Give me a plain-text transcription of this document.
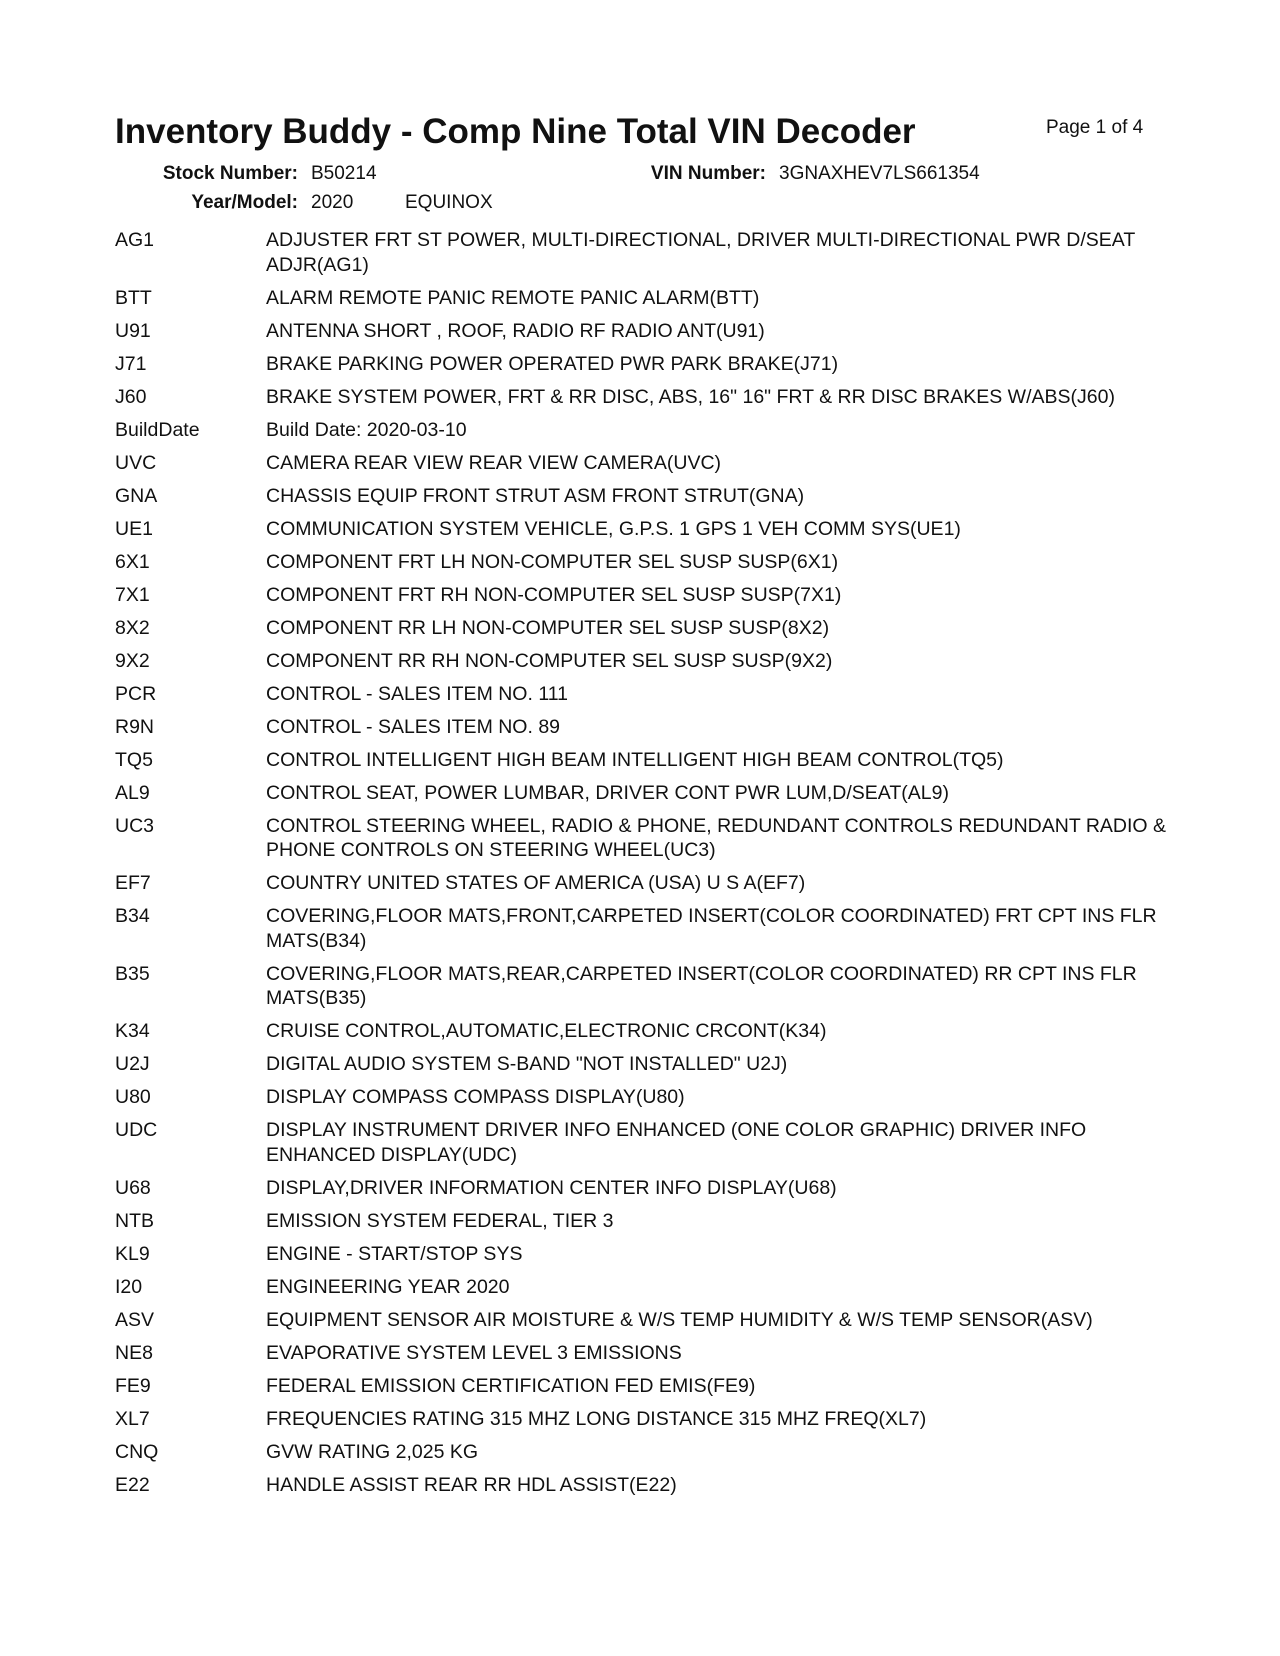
Inventory Buddy - Comp Nine Total VIN Decoder	Page 1 of 4
Stock Number: B50214	VIN Number: 3GNAXHEV7LS661354
Year/Model: 2020	EQUINOX
AG1	ADJUSTER FRT ST POWER, MULTI-DIRECTIONAL, DRIVER MULTI-DIRECTIONAL PWR D/SEAT ADJR(AG1)
BTT	ALARM REMOTE PANIC REMOTE PANIC ALARM(BTT)
U91	ANTENNA SHORT , ROOF, RADIO RF RADIO ANT(U91)
J71	BRAKE PARKING POWER OPERATED PWR PARK BRAKE(J71)
J60	BRAKE SYSTEM POWER, FRT & RR DISC, ABS, 16" 16" FRT & RR DISC BRAKES W/ABS(J60)
BuildDate	Build Date: 2020-03-10
UVC	CAMERA REAR VIEW REAR VIEW CAMERA(UVC)
GNA	CHASSIS EQUIP FRONT STRUT ASM FRONT STRUT(GNA)
UE1	COMMUNICATION SYSTEM VEHICLE, G.P.S. 1 GPS 1 VEH COMM SYS(UE1)
6X1	COMPONENT FRT LH NON-COMPUTER SEL SUSP SUSP(6X1)
7X1	COMPONENT FRT RH NON-COMPUTER SEL SUSP SUSP(7X1)
8X2	COMPONENT RR LH NON-COMPUTER SEL SUSP SUSP(8X2)
9X2	COMPONENT RR RH NON-COMPUTER SEL SUSP SUSP(9X2)
PCR	CONTROL - SALES ITEM NO. 111
R9N	CONTROL - SALES ITEM NO. 89
TQ5	CONTROL INTELLIGENT HIGH BEAM INTELLIGENT HIGH BEAM CONTROL(TQ5)
AL9	CONTROL SEAT, POWER LUMBAR, DRIVER CONT PWR LUM,D/SEAT(AL9)
UC3	CONTROL STEERING WHEEL, RADIO & PHONE, REDUNDANT CONTROLS REDUNDANT RADIO & PHONE CONTROLS ON STEERING WHEEL(UC3)
EF7	COUNTRY UNITED STATES OF AMERICA (USA) U S A(EF7)
B34	COVERING,FLOOR MATS,FRONT,CARPETED INSERT(COLOR COORDINATED) FRT CPT INS FLR MATS(B34)
B35	COVERING,FLOOR MATS,REAR,CARPETED INSERT(COLOR COORDINATED) RR CPT INS FLR MATS(B35)
K34	CRUISE CONTROL,AUTOMATIC,ELECTRONIC CRCONT(K34)
U2J	DIGITAL AUDIO SYSTEM S-BAND "NOT INSTALLED" U2J)
U80	DISPLAY COMPASS COMPASS DISPLAY(U80)
UDC	DISPLAY INSTRUMENT DRIVER INFO ENHANCED (ONE COLOR GRAPHIC) DRIVER INFO ENHANCED DISPLAY(UDC)
U68	DISPLAY,DRIVER INFORMATION CENTER INFO DISPLAY(U68)
NTB	EMISSION SYSTEM FEDERAL, TIER 3
KL9	ENGINE - START/STOP SYS
I20	ENGINEERING YEAR 2020
ASV	EQUIPMENT SENSOR AIR MOISTURE & W/S TEMP HUMIDITY & W/S TEMP SENSOR(ASV)
NE8	EVAPORATIVE SYSTEM LEVEL 3 EMISSIONS
FE9	FEDERAL EMISSION CERTIFICATION FED EMIS(FE9)
XL7	FREQUENCIES RATING 315 MHZ LONG DISTANCE 315 MHZ FREQ(XL7)
CNQ	GVW RATING 2,025 KG
E22	HANDLE ASSIST REAR RR HDL ASSIST(E22)
